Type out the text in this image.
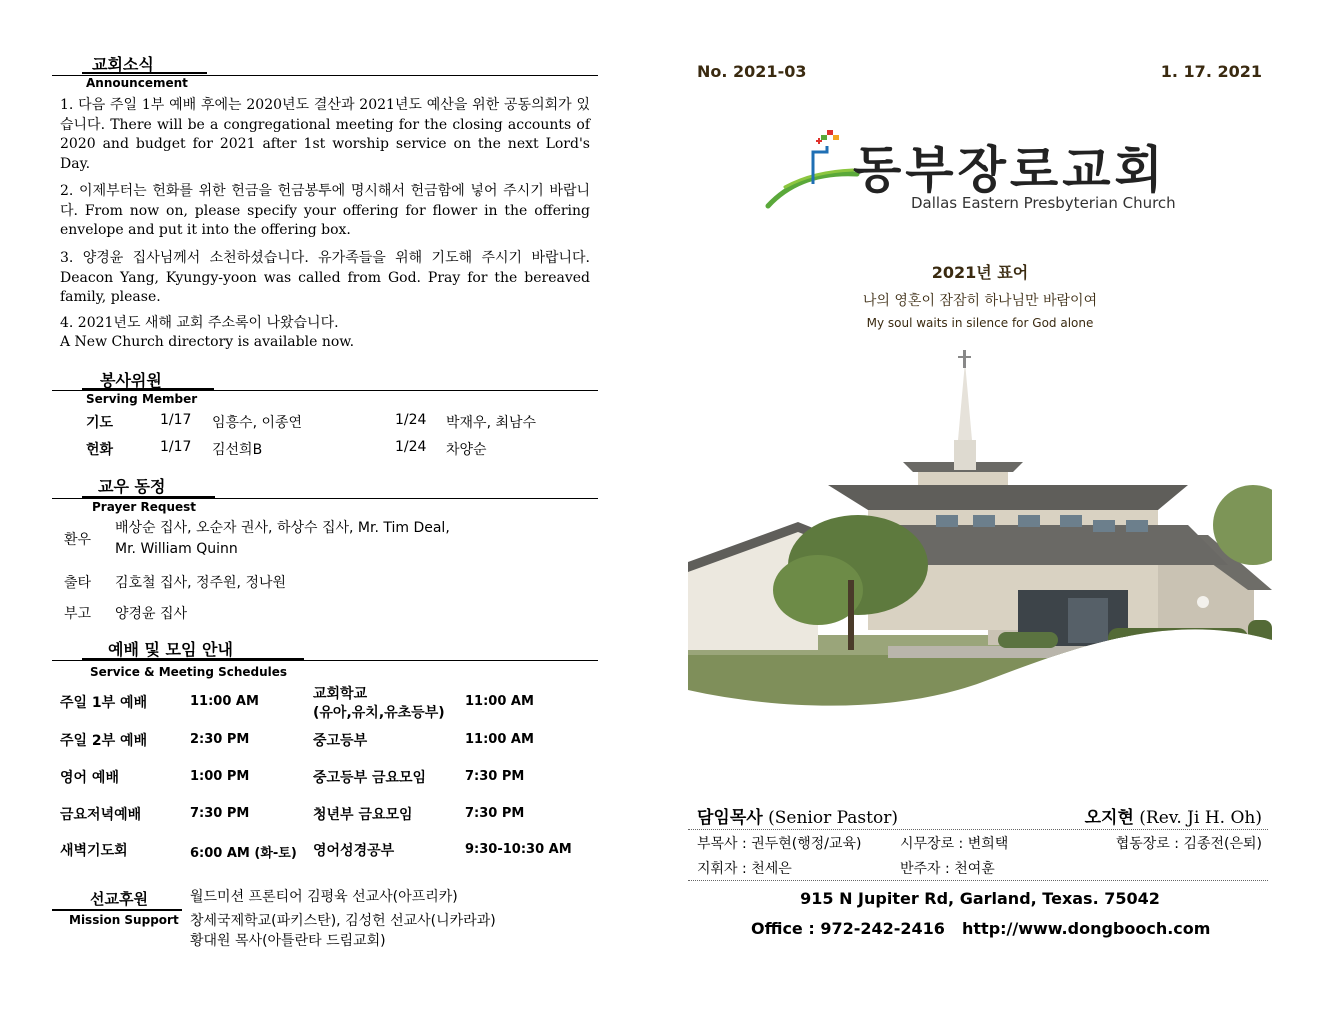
교회소식
Announcement
1. 다음 주일 1부 예배 후에는 2020년도 결산과 2021년도 예산을 위한 공동의회가 있습니다. There will be a congregational meeting for the closing accounts of 2020 and budget for 2021 after 1st worship service on the next Lord's Day.
2. 이제부터는 헌화를 위한 헌금을 헌금봉투에 명시해서 헌금함에 넣어 주시기 바랍니다. From now on, please specify your offering for flower in the offering envelope and put it into the offering box.
3. 양경윤 집사님께서 소천하셨습니다. 유가족들을 위해 기도해 주시기 바랍니다. Deacon Yang, Kyungy-yoon was called from God. Pray for the bereaved family, please.
4. 2021년도 새해 교회 주소록이 나왔습니다.
A New Church directory is available now.
봉사위원
Serving Member
기도	1/17 임흥수, 이종연	1/24 박재우, 최남수
헌화	1/17 김선희B	1/24 차양순
교우 동정
Prayer Request
환우
배상순 집사, 오순자 권사, 하상수 집사, Mr. Tim Deal,
Mr. William Quinn
출타 김호철 집사, 정주원, 정나원
부고 양경윤 집사
예배 및 모임 안내
Service & Meeting Schedules
주일 1부 예배	11:00 AM	교회학교
(유아,유치,유초등부)
11:00 AM
주일 2부 예배	2:30 PM	중고등부	11:00 AM
영어 예배	1:00 PM	중고등부 금요모임	7:30 PM
금요저녁예배	7:30 PM	청년부 금요모임	7:30 PM
새벽기도회	6:00 AM (화-토) 영어성경공부	9:30-10:30 AM
선교후원
Mission Support
월드미션 프론티어 김평육 선교사(아프리카)
창세국제학교(파키스탄), 김성헌 선교사(니카라과)
황대원 목사(아틀란타 드림교회)
No. 2021-03	1. 17. 2021
동부장로교회
Dallas Eastern Presbyterian Church
2021년 표어
나의 영혼이 잠잠히 하나님만 바람이여
My soul waits in silence for God alone
담임목사 (Senior Pastor)	오지현 (Rev. Ji H. Oh)
부목사 : 권두현(행정/교육)	시무장로 : 변희택	협동장로 : 김종전(은퇴)
지휘자 : 천세은	반주자 : 천여훈
915 N Jupiter Rd, Garland, Texas. 75042
Office : 972-242-2416 http://www.dongbooch.com
